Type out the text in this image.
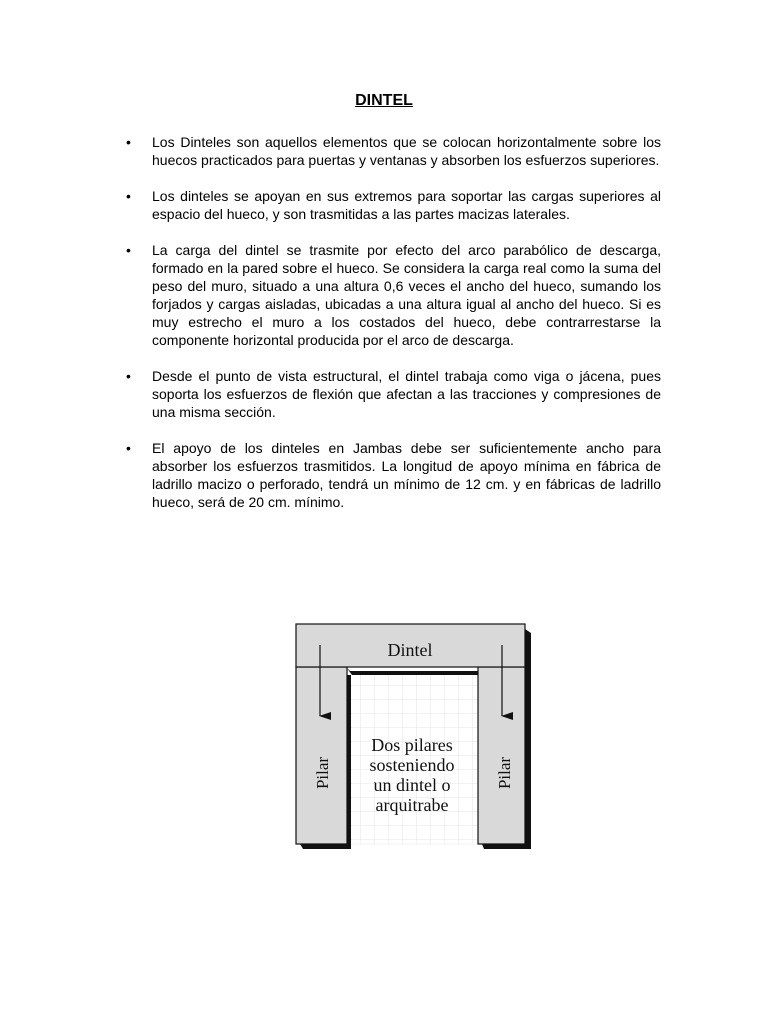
DINTEL
• Los Dinteles son aquellos elementos que se colocan horizontalmente sobre los huecos practicados para puertas y ventanas y absorben los esfuerzos superiores.
• Los dinteles se apoyan en sus extremos para soportar las cargas superiores al espacio del hueco, y son trasmitidas a las partes macizas laterales.
• La carga del dintel se trasmite por efecto del arco parabólico de descarga, formado en la pared sobre el hueco. Se considera la carga real como la suma del peso del muro, situado a una altura 0,6 veces el ancho del hueco, sumando los forjados y cargas aisladas, ubicadas a una altura igual al ancho del hueco. Si es muy estrecho el muro a los costados del hueco, debe contrarrestarse la componente horizontal producida por el arco de descarga.
• Desde el punto de vista estructural, el dintel trabaja como viga o jácena, pues soporta los esfuerzos de flexión que afectan a las tracciones y compresiones de una misma sección.
• El apoyo de los dinteles en Jambas debe ser suficientemente ancho para absorber los esfuerzos trasmitidos. La longitud de apoyo mínima en fábrica de ladrillo macizo o perforado, tendrá un mínimo de 12 cm. y en fábricas de ladrillo hueco, será de 20 cm. mínimo.
Dintel
Pilar	Pilar
Dos pilares
sosteniendo
un dintel o
arquitrabe
